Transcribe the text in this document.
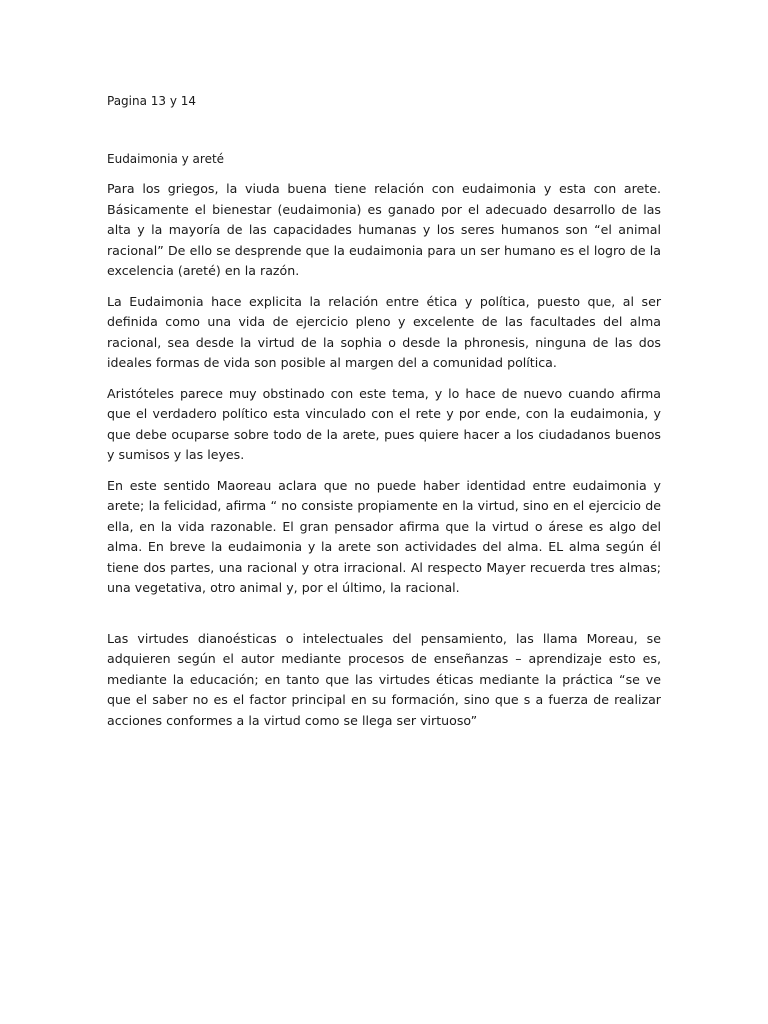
Pagina 13 y 14

Eudaimonia y areté

Para los griegos, la viuda buena tiene relación con eudaimonia y esta con arete. Básicamente el bienestar (eudaimonia) es ganado por el adecuado desarrollo de las alta y la mayoría de las capacidades humanas y los seres humanos son “el animal racional” De ello se desprende que la eudaimonia para un ser humano es el logro de la excelencia (areté) en la razón.

La Eudaimonia hace explicita la relación entre ética y política, puesto que, al ser definida como una vida de ejercicio pleno y excelente de las facultades del alma racional, sea desde la virtud de la sophia o desde la phronesis, ninguna de las dos ideales formas de vida son posible al margen del a comunidad política.

Aristóteles parece muy obstinado con este tema, y lo hace de nuevo cuando afirma que el verdadero político esta vinculado con el rete y por ende, con la eudaimonia, y que debe ocuparse sobre todo de la arete, pues quiere hacer a los ciudadanos buenos y sumisos y las leyes.

En este sentido Maoreau aclara que no puede haber identidad entre eudaimonia y arete; la felicidad, afirma “ no consiste propiamente en la virtud, sino en el ejercicio de ella, en la vida razonable. El gran pensador afirma que la virtud o árese es algo del alma. En breve la eudaimonia y la arete son actividades del alma. EL alma según él tiene dos partes, una racional y otra irracional. Al respecto Mayer recuerda tres almas; una vegetativa, otro animal y, por el último, la racional.

Las virtudes dianoésticas o intelectuales del pensamiento, las llama Moreau, se adquieren según el autor mediante procesos de enseñanzas – aprendizaje esto es, mediante la educación; en tanto que las virtudes éticas mediante la práctica “se ve que el saber no es el factor principal en su formación, sino que s a fuerza de realizar acciones conformes a la virtud como se llega ser virtuoso”
